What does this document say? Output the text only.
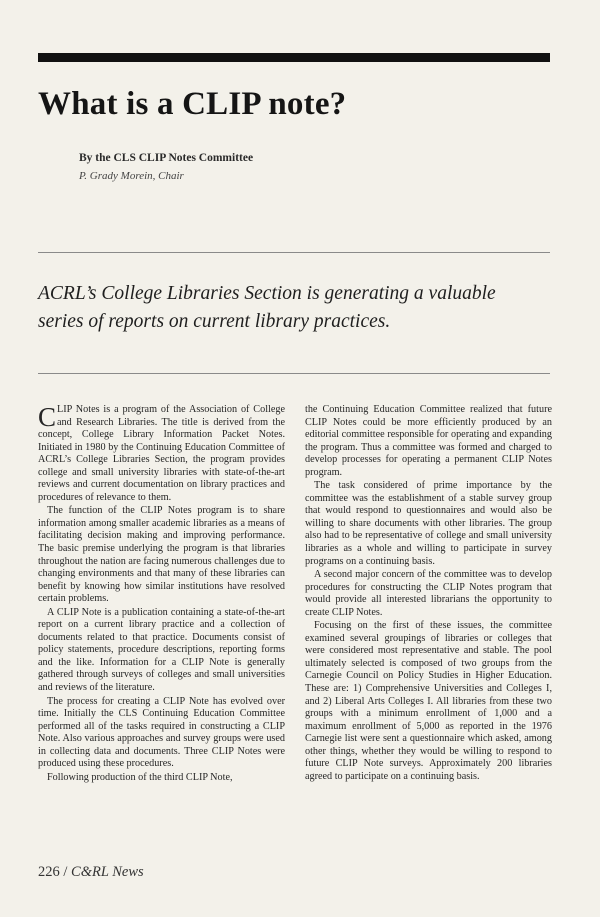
What is a CLIP note?
By the CLS CLIP Notes Committee
P. Grady Morein, Chair
ACRL’s College Libraries Section is generating a valuable
series of reports on current library practices.

CLIP Notes is a program of the Association of College and Research Libraries. The title is derived from the concept, College Library Information Packet Notes. Initiated in 1980 by the Continuing Education Committee of ACRL’s College Libraries Section, the program provides college and small university libraries with state-of-the-art reviews and current documentation on library practices and procedures of relevance to them.

The function of the CLIP Notes program is to share information among smaller academic libraries as a means of facilitating decision making and improving performance. The basic premise underlying the program is that libraries throughout the nation are facing numerous challenges due to changing environments and that many of these libraries can benefit by knowing how similar institutions have resolved certain problems.

A CLIP Note is a publication containing a state-of-the-art report on a current library practice and a collection of documents related to that practice. Documents consist of policy statements, procedure descriptions, reporting forms and the like. Information for a CLIP Note is generally gathered through surveys of colleges and small universities and reviews of the literature.

The process for creating a CLIP Note has evolved over time. Initially the CLS Continuing Education Committee performed all of the tasks required in constructing a CLIP Note. Also various approaches and survey groups were used in collecting data and documents. Three CLIP Notes were produced using these procedures.

Following production of the third CLIP Note,

the Continuing Education Committee realized that future CLIP Notes could be more efficiently produced by an editorial committee responsible for operating and expanding the program. Thus a committee was formed and charged to develop processes for operating a permanent CLIP Notes program.

The task considered of prime importance by the committee was the establishment of a stable survey group that would respond to questionnaires and would also be willing to share documents with other libraries. The group also had to be representative of college and small university libraries as a whole and willing to participate in survey programs on a continuing basis.

A second major concern of the committee was to develop procedures for constructing the CLIP Notes program that would provide all interested librarians the opportunity to create CLIP Notes.

Focusing on the first of these issues, the committee examined several groupings of libraries or colleges that were considered most representative and stable. The pool ultimately selected is composed of two groups from the Carnegie Council on Policy Studies in Higher Education. These are: 1) Comprehensive Universities and Colleges I, and 2) Liberal Arts Colleges I. All libraries from these two groups with a minimum enrollment of 1,000 and a maximum enrollment of 5,000 as reported in the 1976 Carnegie list were sent a questionnaire which asked, among other things, whether they would be willing to respond to future CLIP Note surveys. Approximately 200 libraries agreed to participate on a continuing basis.

226 / C&RL News
